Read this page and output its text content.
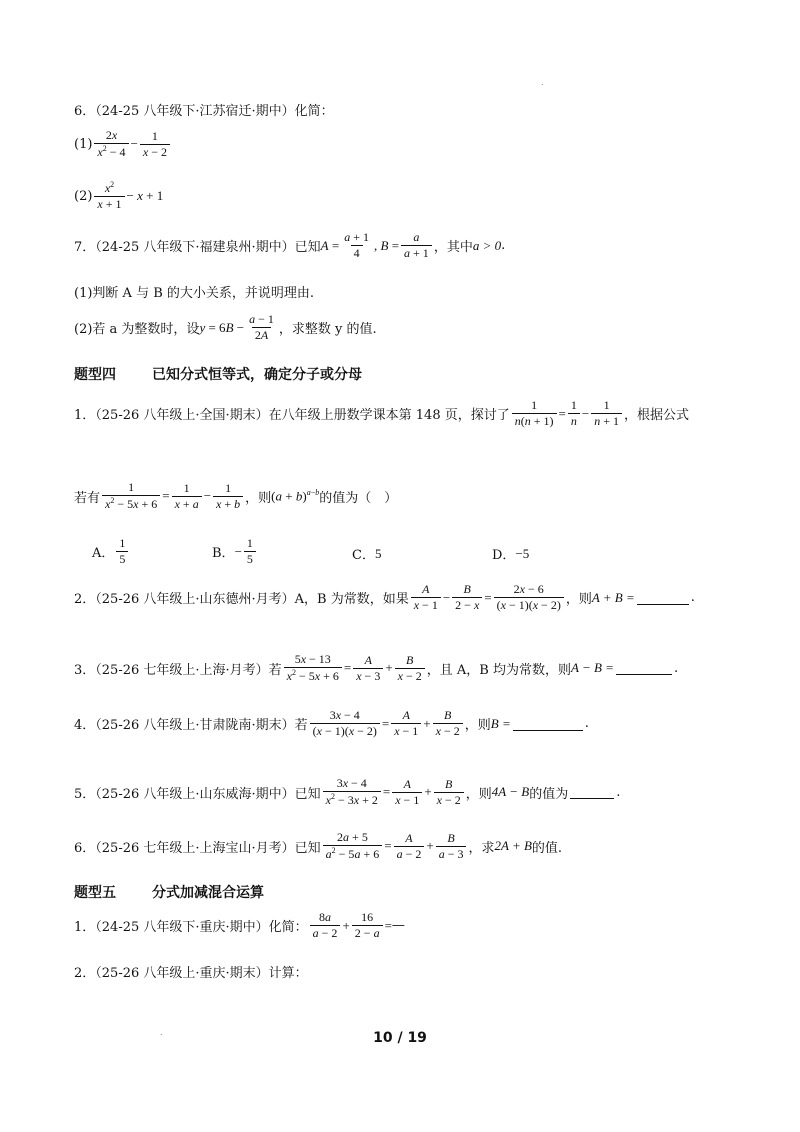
.
6．（24-25 八年级下·江苏宿迁·期中）化简：
$(1) \frac{2x}{x^2 - 4} - \frac{1}{x - 2}$
$(2) \frac{x^2}{x + 1} - x + 1$
7．（24-25 八年级下·福建泉州·期中）已知 $A = \frac{a + 1}{4}$ , $B = \frac{a}{a + 1}$ ，其中 a > 0 .
(1)判断 A 与 B 的大小关系，并说明理由.
(2)若 a 为整数时，设 $y = 6B - \frac{a - 1}{2A}$ ，求整数 y 的值.
题型四	已知分式恒等式，确定分子或分母
1．（25-26 八年级上·全国·期末）在八年级上册数学课本第 148 页，探讨了 $\frac{1}{n(n + 1)} = \frac{1}{n} - \frac{1}{n + 1}$ ，根据公式
若有 $\frac{1}{x^2 - 5x + 6} = \frac{1}{x + a} - \frac{1}{x + b}$ ，则 $(a + b)^{a-b}$ 的值为（　）
A． $\frac{1}{5}$	B． − $\frac{1}{5}$	C． 5	D． −5
2．（25-26 八年级上·山东德州·月考）A，B 为常数，如果 $\frac{A}{x - 1} - \frac{B}{2 - x} = \frac{2x - 6}{(x - 1)(x - 2)}$ ，则 A + B =	.
3．（25-26 七年级上·上海·月考）若 $\frac{5x - 13}{x^2 - 5x + 6} = \frac{A}{x - 3} + \frac{B}{x - 2}$ ，且 A，B 均为常数，则 A − B =	.
4．（25-26 八年级上·甘肃陇南·期末）若 $\frac{3x - 4}{(x - 1)(x - 2)} = \frac{A}{x - 1} + \frac{B}{x - 2}$ ，则 B =	.
5．（25-26 八年级上·山东威海·期中）已知 $\frac{3x - 4}{x^2 - 3x + 2} = \frac{A}{x - 1} + \frac{B}{x - 2}$ ，则 4A − B 的值为	.
6．（25-26 七年级上·上海宝山·月考）已知 $\frac{2a + 5}{a^2 - 5a + 6} = \frac{A}{a - 2} + \frac{B}{a - 3}$ ，求 2A + B 的值.
题型五	分式加减混合运算
1．（24-25 八年级下·重庆·期中）化简： $\frac{8a}{a - 2} + \frac{16}{2 - a}$ = —
2．（25-26 八年级上·重庆·期末）计算：
.	10 / 19
